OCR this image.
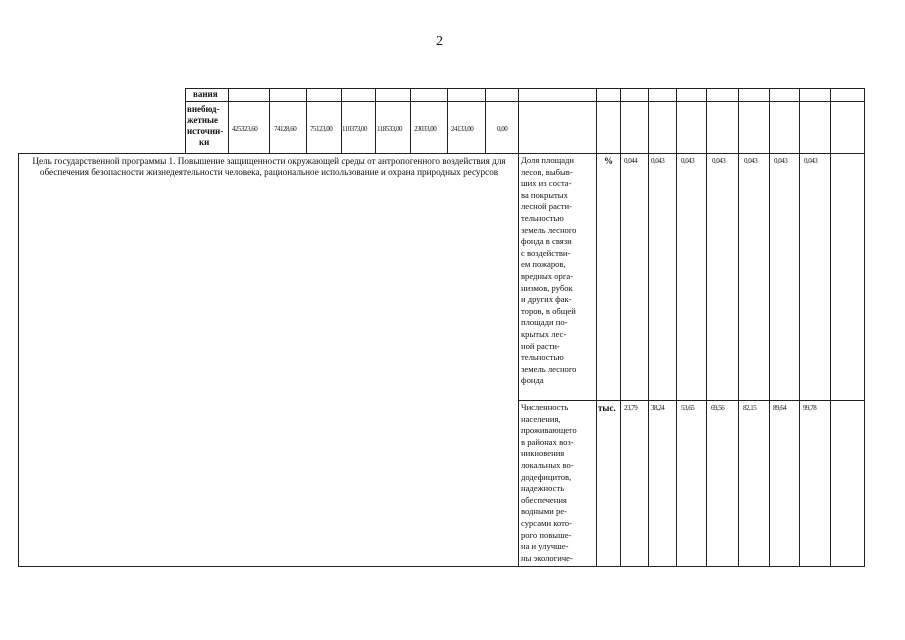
2
вания
внебюд-
жетные
источни-
ки
425323,60 74128,60 75123,00 110373,00 118533,00 23033,00 24133,00	0,00
Цель государственной программы 1. Повышение защищенности окружающей среды от антропогенного воздействия для обеспечения безопасности жизнедеятельности человека, рациональное использование и охрана природных ресурсов
Доля площади
лесов, выбыв-
ших из соста-
ва покрытых
лесной расти-
тельностью
земель лесного
фонда в связи
с воздействи-
ем пожаров,
вредных орга-
низмов, рубок
и других фак-
торов, в общей
площади по-
крытых лес-
ной расти-
тельностью
земель лесного
фонда
% 0,044 0,043 0,043	0,043	0,043 0,043 0,043
Численность
населения,
проживающего
в районах воз-
никновения
локальных во-
додефицитов,
надежность
обеспечения
водными ре-
сурсами кото-
рого повыше-
на и улучше-
ны экологиче-
тыс. 23,79 38,24 53,65 69,56	82,15 89,64 99,78
